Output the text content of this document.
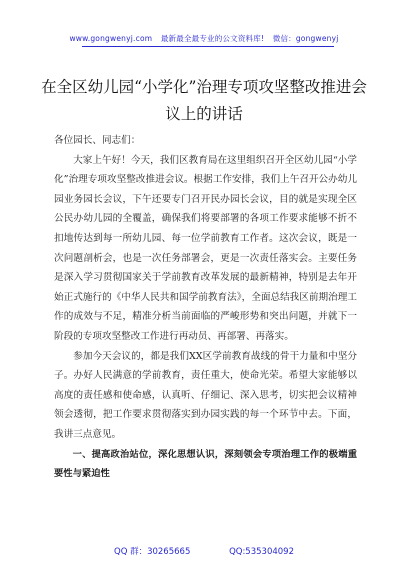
www.gongwenyj.com 最新最全最专业的公文资料库! 微信：gongwenyj
在全区幼儿园“小学化”治理专项攻坚整改推进会议上的讲话

各位园长、同志们：

大家上午好！今天，我们区教育局在这里组织召开全区幼儿园“小学化”治理专项攻坚整改推进会议。根据工作安排，我们上午召开公办幼儿园业务园长会议，下午还要专门召开民办园长会议，目的就是实现全区公民办幼儿园的全覆盖，确保我们将要部署的各项工作要求能够不折不扣地传达到每一所幼儿园、每一位学前教育工作者。这次会议，既是一次问题剖析会，也是一次任务部署会，更是一次责任落实会。主要任务是深入学习贯彻国家关于学前教育改革发展的最新精神，特别是去年开始正式施行的《中华人民共和国学前教育法》，全面总结我区前期治理工作的成效与不足，精准分析当前面临的严峻形势和突出问题，并就下一阶段的专项攻坚整改工作进行再动员、再部署、再落实。

参加今天会议的，都是我们XX区学前教育战线的骨干力量和中坚分子。办好人民满意的学前教育，责任重大，使命光荣。希望大家能够以高度的责任感和使命感，认真听、仔细记、深入思考，切实把会议精神领会透彻，把工作要求贯彻落实到办园实践的每一个环节中去。下面，我讲三点意见。

一、提高政治站位，深化思想认识，深刻领会专项治理工作的极端重要性与紧迫性

QQ 群：30265665	QQ:535304092
